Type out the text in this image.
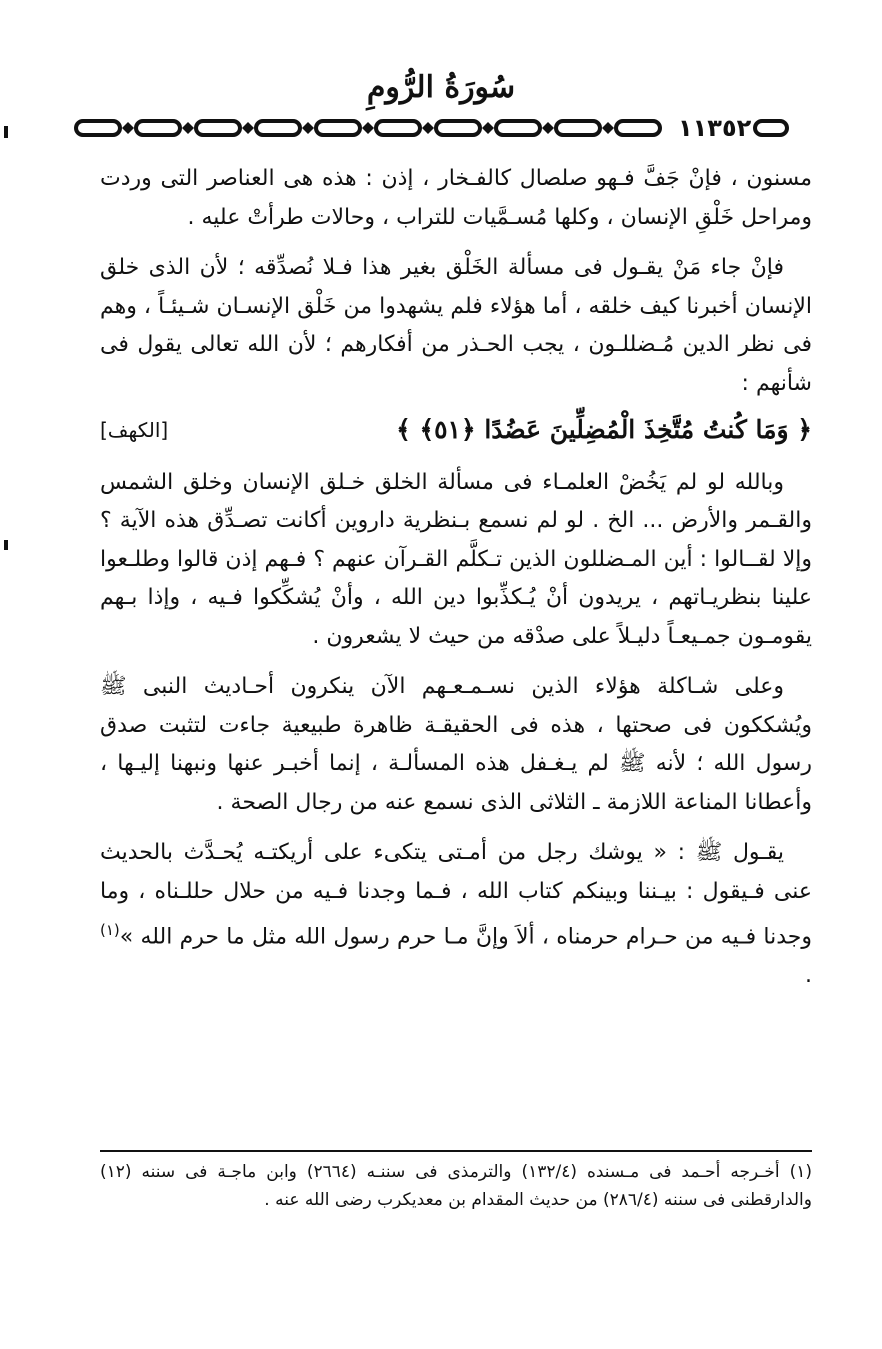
سُورَةُ الرُّومِ
١١٣٥٢

مسنون ، فإنْ جَفَّ فـهو صلصال كالفـخار ، إذن : هذه هى العناصر التى وردت ومراحل خَلْقِ الإنسان ، وكلها مُسـمَّيات للتراب ، وحالات طرأتْ عليه .

فإنْ جاء مَنْ يقـول فى مسألة الخَلْق بغير هذا فـلا نُصدِّقه ؛ لأن الذى خلق الإنسان أخبرنا كيف خلقه ، أما هؤلاء فلم يشهدوا من خَلْق الإنسـان شـيئـاً ، وهم فى نظر الدين مُـضللـون ، يجب الحـذر من أفكارهم ؛ لأن الله تعالى يقول فى شأنهم :

﴿ وَمَا كُنتُ مُتَّخِذَ الْمُضِلِّينَ عَضُدًا ﴿٥١﴾ ﴾
[الكهف]

وبالله لو لم يَخُضْ العلمـاء فى مسألة الخلق خـلق الإنسان وخلق الشمس والقـمر والأرض ... الخ . لو لم نسمع بـنظرية داروين أكانت تصـدِّق هذه الآية ؟ وإلا لقــالوا : أين المـضللون الذين تـكلَّم القـرآن عنهم ؟ فـهم إذن قالوا وطلـعوا علينا بنظريـاتهم ، يريدون أنْ يُـكذِّبوا دين الله ، وأنْ يُشكِّكوا فـيه ، وإذا بـهم يقومـون جمـيعـاً دليـلاً على صدْقه من حيث لا يشعرون .

وعلى شـاكلة هؤلاء الذين نسـمـعـهم الآن ينكرون أحـاديث النبى ﷺ ويُشككون فى صحتها ، هذه فى الحقيقـة ظاهرة طبيعية جاءت لتثبت صدق رسول الله ؛ لأنه ﷺ لم يـغـفل هذه المسألـة ، إنما أخبـر عنها ونبهنا إليـها ، وأعطانا المناعة اللازمة ـ الثلاثى الذى نسمع عنه من رجال الصحة .

يقـول ﷺ : « يوشك رجل من أمـتى يتكىء على أريكتـه يُحـدَّث بالحديث عنى فـيقول : بيـننا وبينكم كتاب الله ، فـما وجدنا فـيه من حلال حللـناه ، وما وجدنا فـيه من حـرام حرمناه ، ألاَ وإنَّ مـا حرم رسول الله مثل ما حرم الله »$^{(١)}$ .

(١) أخـرجه أحـمد فى مـسنده (١٣٢/٤) والترمذى فى سننـه (٢٦٦٤) وابن ماجـة فى سننه (١٢) والدارقطنى فى سننه (٢٨٦/٤) من حديث المقدام بن معديكرب رضى الله عنه .
